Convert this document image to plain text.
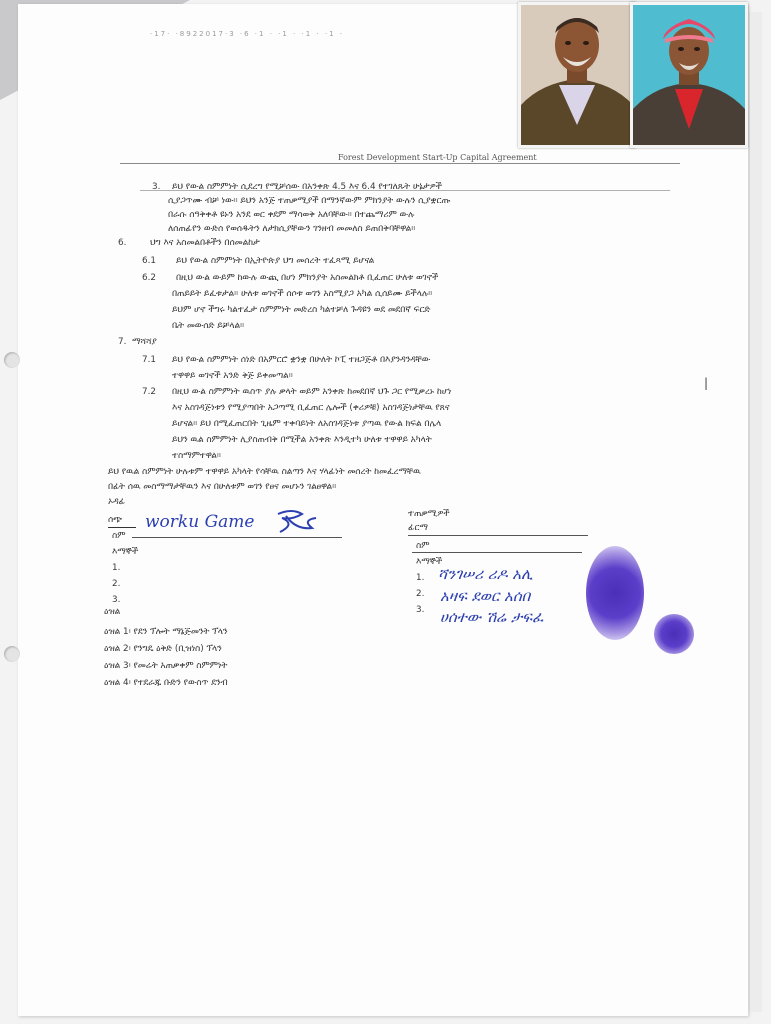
·17· ·8922017·3 ·6 ·1 · ·1 · ·1 · ·1 ·
Forest Development Start-Up Capital Agreement
3. ይህ የውል ስምምነት ሲደረግ የሚቻሰው በአንቀጽ 4.5 እና 6.4 የተገለጹት ሁኔታዎች
ሲያጋጥሙ ብቻ ነው። ይህን አንጅ ተጠቃሚያች በማንኛውም ምክንያት ውሉን ሲያቋርጡ
በራሱ ሰዓቅቀቶ ዩኑን አንደ ወር ቀደም ማሳወቅ አለባቸው። በተጨማሪም ውሉ
ለሰጠፊየን ውድሰ የወሰዱትን ለታክሲያቸውን ገንዘብ መመለስ ይጠበቅባቸዋል።
6.	ህግ እና አስመልበቶችን በሰመልከታ
6.1 ይህ የውል ስምምነት በኢትዮጵያ ህግ መሰረት ተፈጻሚ ይሆናል
6.2 በዚህ ውል ውይም ከውሉ ውጪ በሆነ ምክንያት አስመልክቶ ቢፈጠር ሁለቱ ወገኖች
በጠይይት ይፈቱታል። ሁለቱ ወገኖች ሰሶቱ ወገን አስሚያጋ አካል ሲሰይሙ ይችላሉ።
ይህም ሆኖ ችግሩ ካልተፈታ ስምምነት መድረስ ካልተቻለ ጉዳዩን ወደ መደበኛ ፍርድ
ቤት መውሰድ ይቻላል።
7. ማሻሻያ
7.1 ይህ የውል ስምምነት ሰነድ በአምርሮ ቋንቋ በሁለት ኮፒ ተዘጋጅቶ በእያንዳንዳቸው
ተዋዋይ ወገኖች አንድ ቅጅ ይቀመጣል።
7.2 በዚህ ውል ስምምነት ዉስጥ ያሉ ቃላት ወይም አንቀጽ ከመደበኛ ህጉ ጋር የሚቃረኑ ከሆነ
እና አስገዳጅነቱን የሚያጣበት አጋጣሚ ቢፈጠር ሌሎች (ቀሪዎቹ) አስገዳጅነታቸዉ የጸና
ይሆናል። ይህ በሚፈጠርበት ጊዜም ተቀባይነት ለአስገዳጅነቱ ያጣዉ የውል ክፍል በሌላ
ይህን ዉል ስምምነት ሊያስጠብቅ በሚችል አንቀጽ እንዲተካ ሁለቱ ተዋዋይ አካላት
ተስማምተዋል።
|
ይህ የዉል ስምምነት ሁሉቱም ተዋዋይ አካላት የሳቸዉ ስልጣን እና ሃላፊነት መሰረት ከመፈረማቸዉ
በፊት ሰዉ መስማማታቸዉን እና በሁለቱም ወገን የፀና መሆኑን ገልፀዋል።
ኦዳፊ
ሰጭ
ስም
worku Game
እማኞች
1.
2.
3.
ተጠቃሚዎች
ፊርማ
ስም
እማኞች
1.
2.
3.
ሻንገሠሪ ሪዶ አሊ
አዛፍ ደወር አሰበ
ሀሰተው ሽሬ ታፍፈ
ዕዝል
ዕዝል 1፡ የደን ፕሎት ማኔጅመንት ፕላን
ዕዝል 2፡ የንግዴ ዕቅድ (ቢዝነስ) ፕላን
ዕዝል 3፡ የመሬት አጠቃቀም ስምምነት
ዕዝል 4፡ የተደራጁ ቡድን የውስጥ ደንብ
